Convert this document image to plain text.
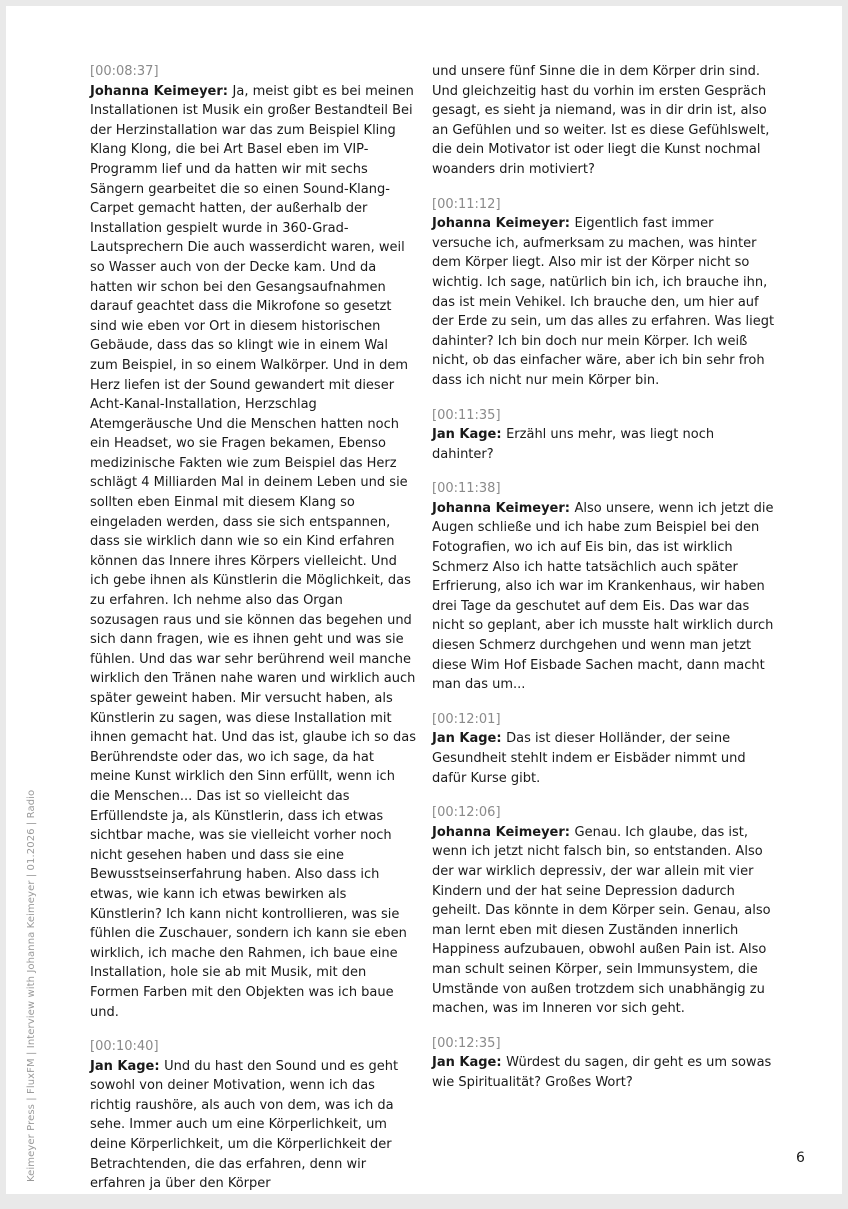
[00:08:37]
Johanna Keimeyer: Ja, meist gibt es bei meinen Installationen ist Musik ein großer Bestandteil Bei der Herzinstallation war das zum Beispiel Kling Klang Klong, die bei Art Basel eben im VIP-Programm lief und da hatten wir mit sechs Sängern gearbeitet die so einen Sound-Klang-Carpet gemacht hatten, der außerhalb der Installation gespielt wurde in 360-Grad-Lautsprechern Die auch wasserdicht waren, weil so Wasser auch von der Decke kam. Und da hatten wir schon bei den Gesangsaufnahmen darauf geachtet dass die Mikrofone so gesetzt sind wie eben vor Ort in diesem historischen Gebäude, dass das so klingt wie in einem Wal zum Beispiel, in so einem Walkörper. Und in dem Herz liefen ist der Sound gewandert mit dieser Acht-Kanal-Installation, Herzschlag Atemgeräusche Und die Menschen hatten noch ein Headset, wo sie Fragen bekamen, Ebenso medizinische Fakten wie zum Beispiel das Herz schlägt 4 Milliarden Mal in deinem Leben und sie sollten eben Einmal mit diesem Klang so eingeladen werden, dass sie sich entspannen, dass sie wirklich dann wie so ein Kind erfahren können das Innere ihres Körpers vielleicht. Und ich gebe ihnen als Künstlerin die Möglichkeit, das zu erfahren. Ich nehme also das Organ sozusagen raus und sie können das begehen und sich dann fragen, wie es ihnen geht und was sie fühlen. Und das war sehr berührend weil manche wirklich den Tränen nahe waren und wirklich auch später geweint haben. Mir versucht haben, als Künstlerin zu sagen, was diese Installation mit ihnen gemacht hat. Und das ist, glaube ich so das Berührendste oder das, wo ich sage, da hat meine Kunst wirklich den Sinn erfüllt, wenn ich die Menschen... Das ist so vielleicht das Erfüllendste ja, als Künstlerin, dass ich etwas sichtbar mache, was sie vielleicht vorher noch nicht gesehen haben und dass sie eine Bewusstseinserfahrung haben. Also dass ich etwas, wie kann ich etwas bewirken als Künstlerin? Ich kann nicht kontrollieren, was sie fühlen die Zuschauer, sondern ich kann sie eben wirklich, ich mache den Rahmen, ich baue eine Installation, hole sie ab mit Musik, mit den Formen Farben mit den Objekten was ich baue und.
[00:10:40]
Jan Kage: Und du hast den Sound und es geht sowohl von deiner Motivation, wenn ich das richtig raushöre, als auch von dem, was ich da sehe. Immer auch um eine Körperlichkeit, um deine Körperlichkeit, um die Körperlichkeit der Betrachtenden, die das erfahren, denn wir erfahren ja über den Körper
und unsere fünf Sinne die in dem Körper drin sind. Und gleichzeitig hast du vorhin im ersten Gespräch gesagt, es sieht ja niemand, was in dir drin ist, also an Gefühlen und so weiter. Ist es diese Gefühlswelt, die dein Motivator ist oder liegt die Kunst nochmal woanders drin motiviert?
[00:11:12]
Johanna Keimeyer: Eigentlich fast immer versuche ich, aufmerksam zu machen, was hinter dem Körper liegt. Also mir ist der Körper nicht so wichtig. Ich sage, natürlich bin ich, ich brauche ihn, das ist mein Vehikel. Ich brauche den, um hier auf der Erde zu sein, um das alles zu erfahren. Was liegt dahinter? Ich bin doch nur mein Körper. Ich weiß nicht, ob das einfacher wäre, aber ich bin sehr froh dass ich nicht nur mein Körper bin.
[00:11:35]
Jan Kage: Erzähl uns mehr, was liegt noch dahinter?
[00:11:38]
Johanna Keimeyer: Also unsere, wenn ich jetzt die Augen schließe und ich habe zum Beispiel bei den Fotografien, wo ich auf Eis bin, das ist wirklich Schmerz Also ich hatte tatsächlich auch später Erfrierung, also ich war im Krankenhaus, wir haben drei Tage da geschutet auf dem Eis. Das war das nicht so geplant, aber ich musste halt wirklich durch diesen Schmerz durchgehen und wenn man jetzt diese Wim Hof Eisbade Sachen macht, dann macht man das um...
[00:12:01]
Jan Kage: Das ist dieser Holländer, der seine Gesundheit stehlt indem er Eisbäder nimmt und dafür Kurse gibt.
[00:12:06]
Johanna Keimeyer: Genau. Ich glaube, das ist, wenn ich jetzt nicht falsch bin, so entstanden. Also der war wirklich depressiv, der war allein mit vier Kindern und der hat seine Depression dadurch geheilt. Das könnte in dem Körper sein. Genau, also man lernt eben mit diesen Zuständen innerlich Happiness aufzubauen, obwohl außen Pain ist. Also man schult seinen Körper, sein Immunsystem, die Umstände von außen trotzdem sich unabhängig zu machen, was im Inneren vor sich geht.
[00:12:35]
Jan Kage: Würdest du sagen, dir geht es um sowas wie Spiritualität? Großes Wort?
Keimeyer Press | FluxFM | Interview with Johanna Keimeyer | 01.2026 | Radio	6
